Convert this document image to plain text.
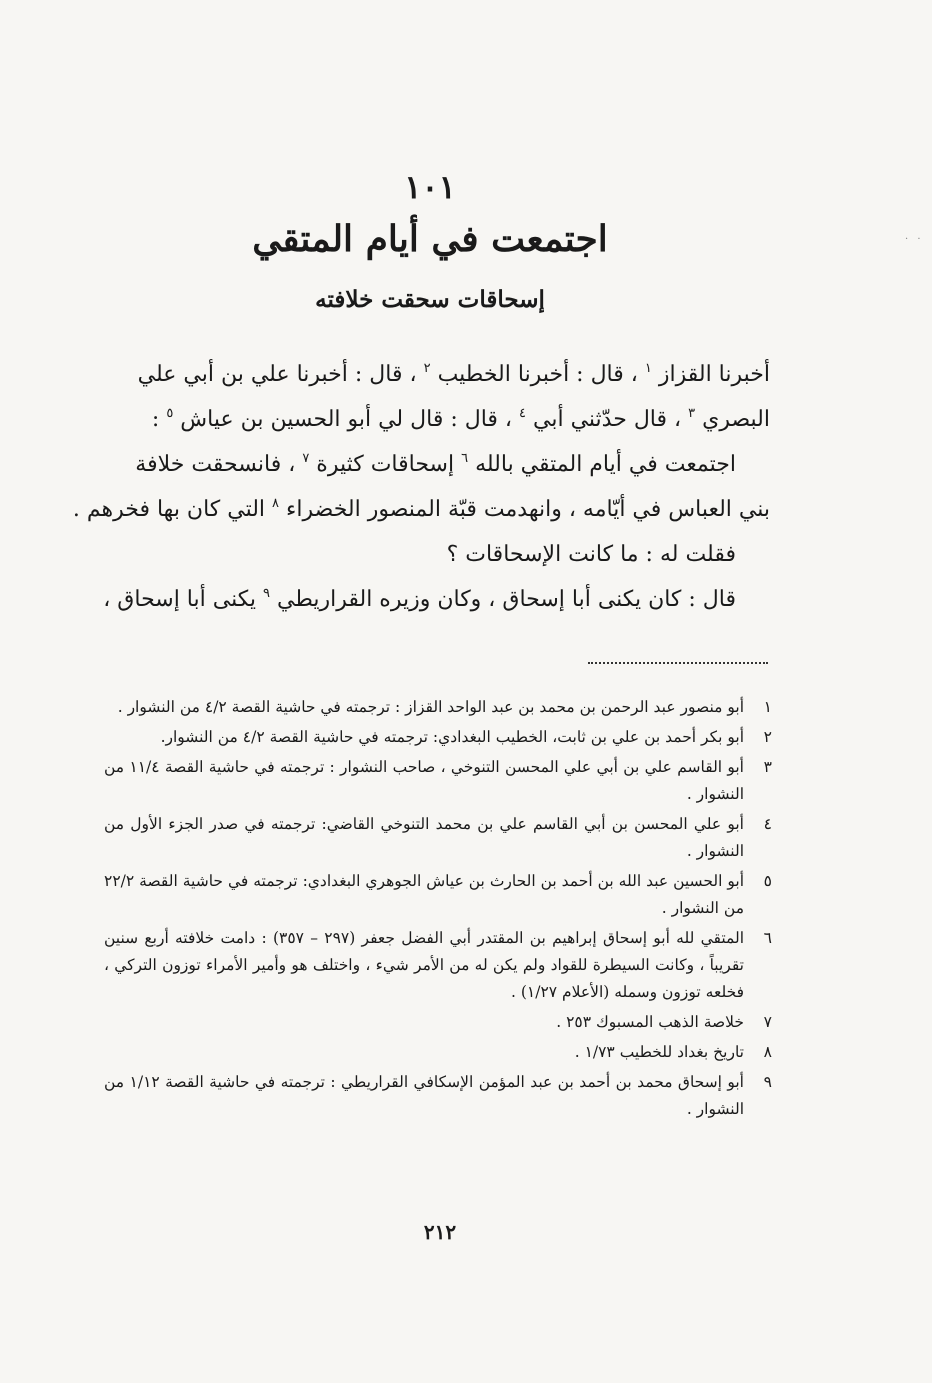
١٠١
اجتمعت في أيام المتقي
إسحاقات سحقت خلافته

أخبرنا القزاز $^١$ ، قال : أخبرنا الخطيب $^٢$ ، قال : أخبرنا علي بن أبي علي

البصري $^٣$ ، قال حدّثني أبي $^٤$ ، قال : قال لي أبو الحسين بن عياش $^٥$ :

اجتمعت في أيام المتقي بالله $^٦$ إسحاقات كثيرة $^٧$ ، فانسحقت خلافة

بني العباس في أيّامه ، وانهدمت قبّة المنصور الخضراء $^٨$ التي كان بها فخرهم .

فقلت له : ما كانت الإسحاقات ؟

قال : كان يكنى أبا إسحاق ، وكان وزيره القراريطي $^٩$ يكنى أبا إسحاق ،

١
أبو منصور عبد الرحمن بن محمد بن عبد الواحد القزاز : ترجمته في حاشية القصة ٤/٢ من النشوار .
٢
أبو بكر أحمد بن علي بن ثابت، الخطيب البغدادي: ترجمته في حاشية القصة ٤/٢ من النشوار.
٣
أبو القاسم علي بن أبي علي المحسن التنوخي ، صاحب النشوار : ترجمته في حاشية القصة ١١/٤ من النشوار .
٤
أبو علي المحسن بن أبي القاسم علي بن محمد التنوخي القاضي: ترجمته في صدر الجزء الأول من النشوار .
٥
أبو الحسين عبد الله بن أحمد بن الحارث بن عياش الجوهري البغدادي: ترجمته في حاشية القصة ٢٢/٢ من النشوار .
٦
المتقي لله أبو إسحاق إبراهيم بن المقتدر أبي الفضل جعفر (٢٩٧ – ٣٥٧) : دامت خلافته أربع سنين تقريباً ، وكانت السيطرة للقواد ولم يكن له من الأمر شيء ، واختلف هو وأمير الأمراء توزون التركي ، فخلعه توزون وسمله (الأعلام ١/٢٧) .
٧
خلاصة الذهب المسبوك ٢٥٣ .
٨
تاريخ بغداد للخطيب ١/٧٣ .
٩
أبو إسحاق محمد بن أحمد بن عبد المؤمن الإسكافي القراريطي : ترجمته في حاشية القصة ١/١٢ من النشوار .
٢١٢
· ·
